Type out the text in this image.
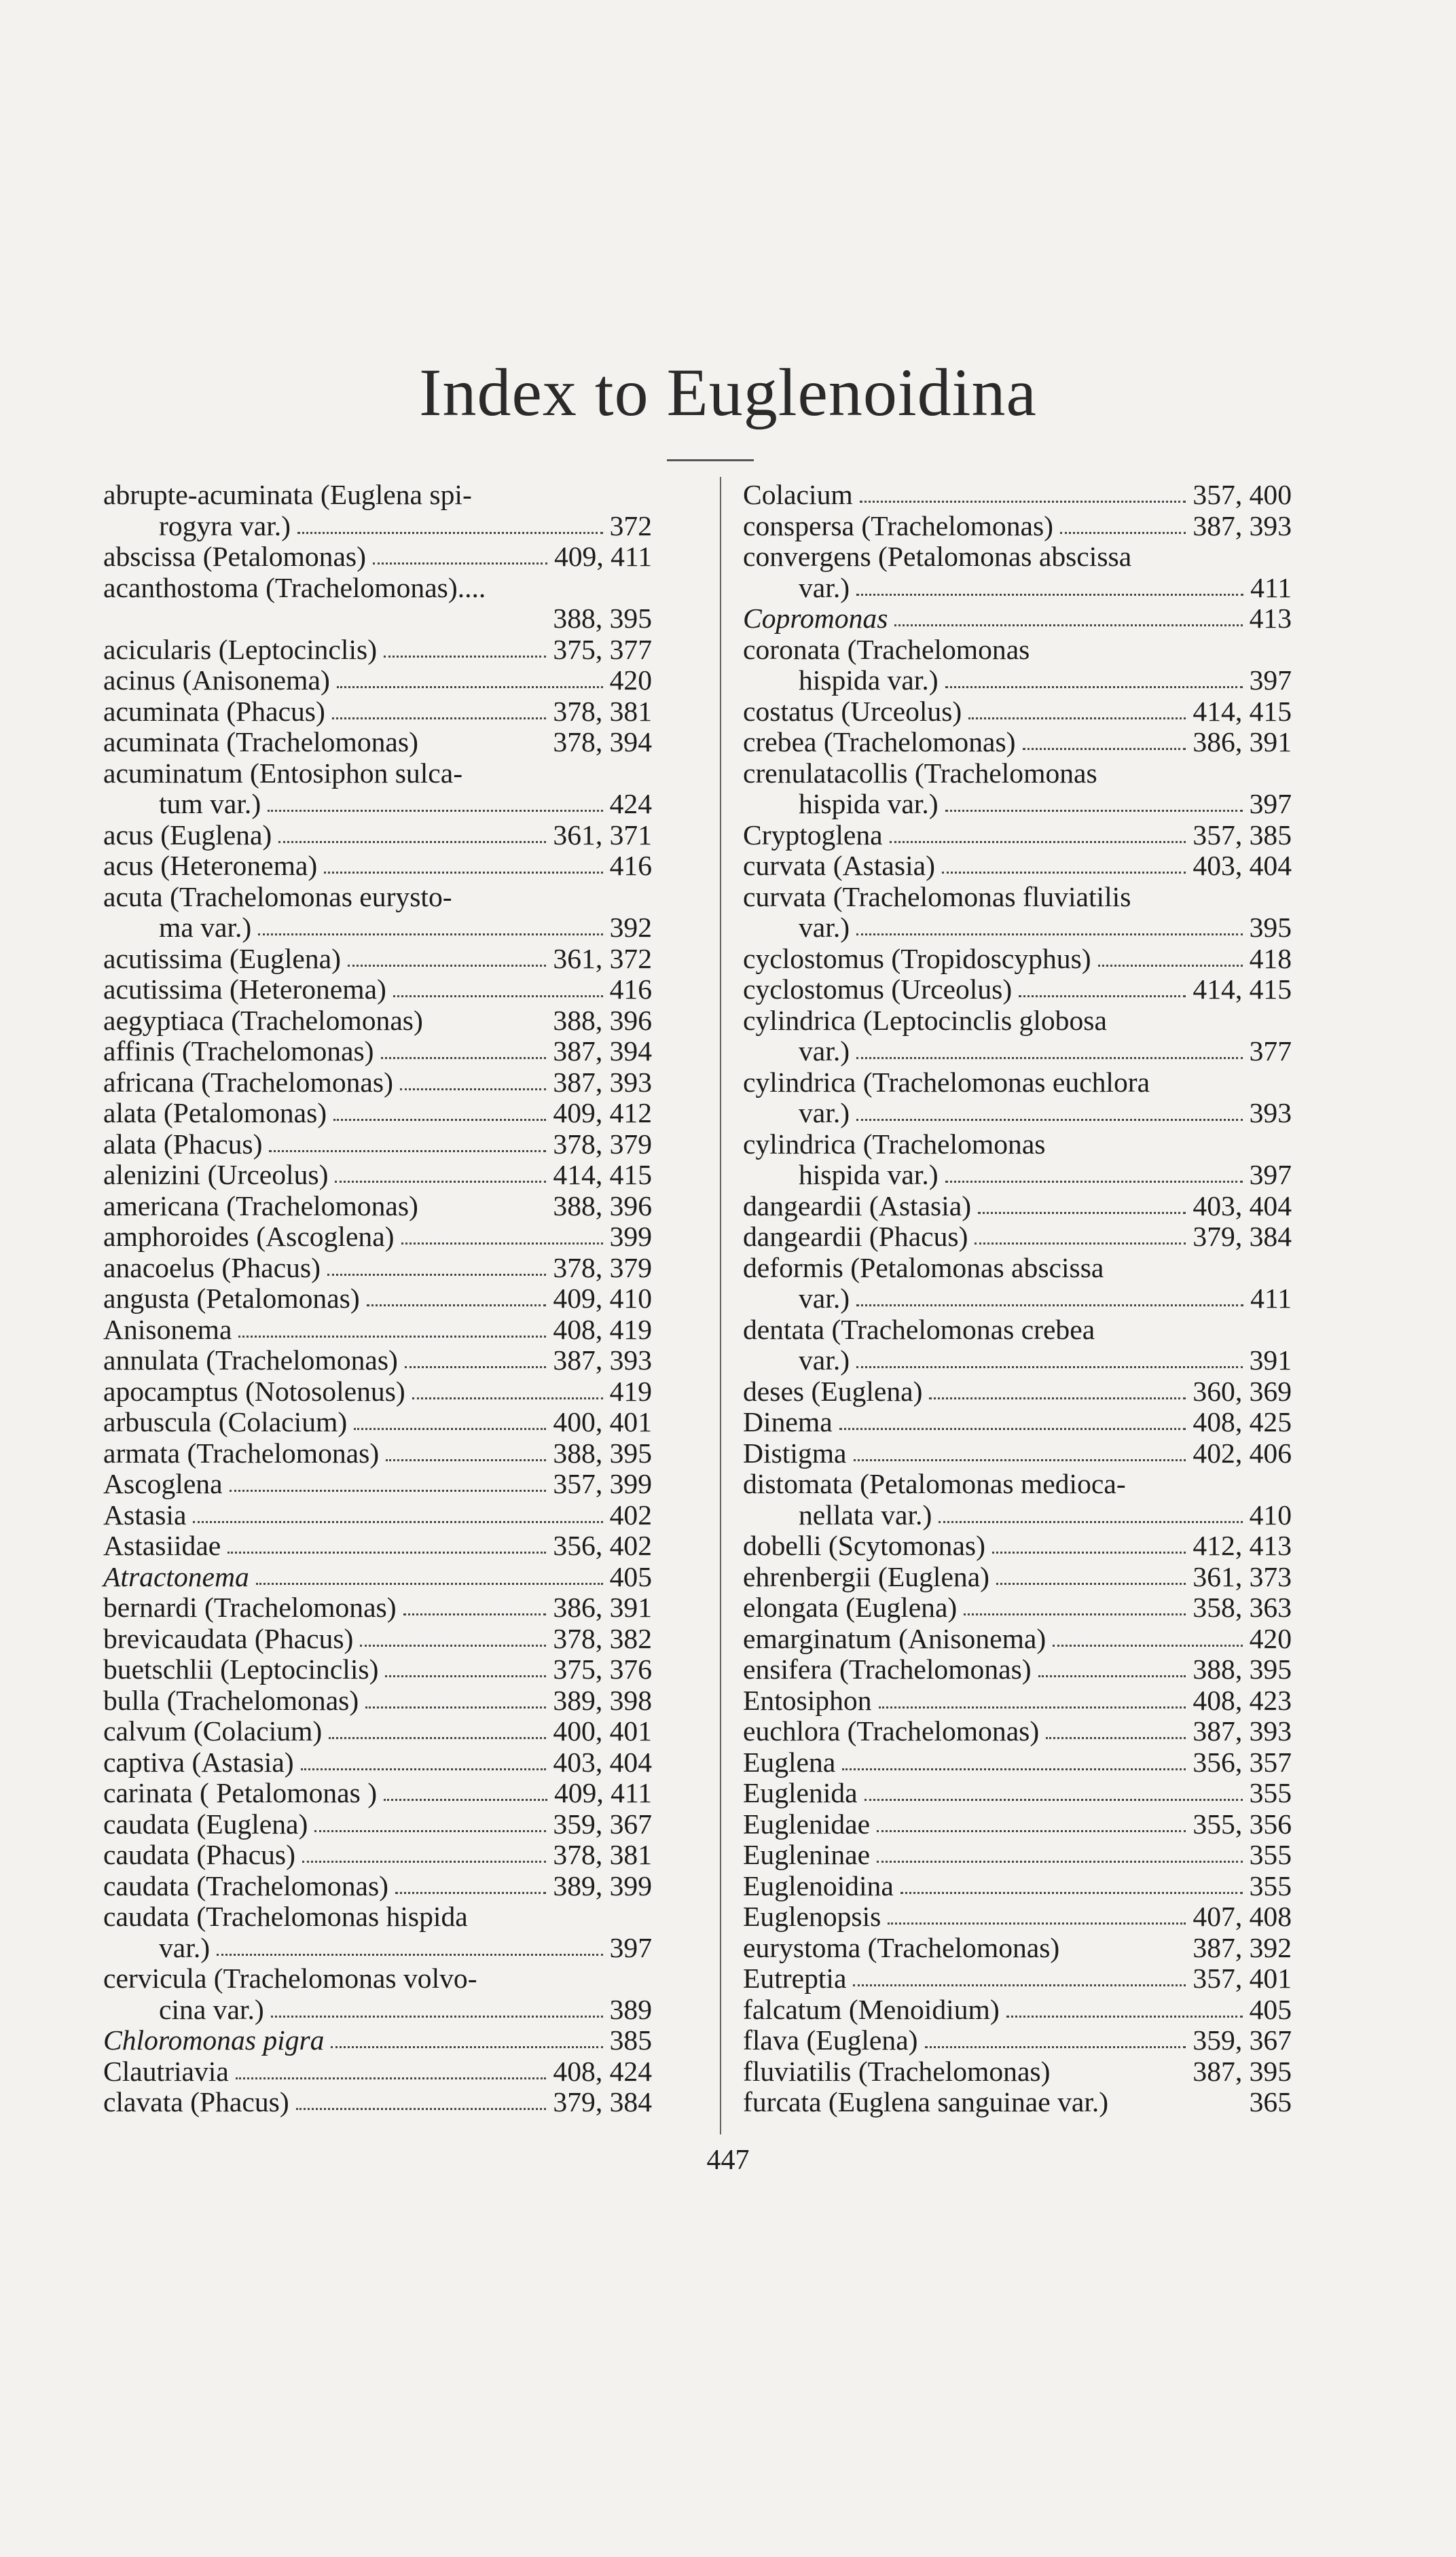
Index to Euglenoidina
abrupte-acuminata (Euglena spi-
rogyra var.)	372
abscissa (Petalomonas)	409, 411
acanthostoma (Trachelomonas)....
388, 395
acicularis (Leptocinclis)	375, 377
acinus (Anisonema)	420
acuminata (Phacus)	378, 381
acuminata (Trachelomonas)	378, 394
acuminatum (Entosiphon sulca-
tum var.)	424
acus (Euglena)	361, 371
acus (Heteronema)	416
acuta (Trachelomonas eurysto-
ma var.)	392
acutissima (Euglena)	361, 372
acutissima (Heteronema)	416
aegyptiaca (Trachelomonas)	388, 396
affinis (Trachelomonas)	387, 394
africana (Trachelomonas)	387, 393
alata (Petalomonas)	409, 412
alata (Phacus)	378, 379
alenizini (Urceolus)	414, 415
americana (Trachelomonas)	388, 396
amphoroides (Ascoglena)	399
anacoelus (Phacus)	378, 379
angusta (Petalomonas)	409, 410
Anisonema	408, 419
annulata (Trachelomonas)	387, 393
apocamptus (Notosolenus)	419
arbuscula (Colacium)	400, 401
armata (Trachelomonas)	388, 395
Ascoglena	357, 399
Astasia	402
Astasiidae	356, 402
Atractonema	405
bernardi (Trachelomonas)	386, 391
brevicaudata (Phacus)	378, 382
buetschlii (Leptocinclis)	375, 376
bulla (Trachelomonas)	389, 398
calvum (Colacium)	400, 401
captiva (Astasia)	403, 404
carinata ( Petalomonas )	409, 411
caudata (Euglena)	359, 367
caudata (Phacus)	378, 381
caudata (Trachelomonas)	389, 399
caudata (Trachelomonas hispida
var.)	397
cervicula (Trachelomonas volvo-
cina var.)	389
Chloromonas pigra	385
Clautriavia	408, 424
clavata (Phacus)	379, 384
Colacium	357, 400
conspersa (Trachelomonas)	387, 393
convergens (Petalomonas abscissa
var.)	411
Copromonas	413
coronata (Trachelomonas
hispida var.)	397
costatus (Urceolus)	414, 415
crebea (Trachelomonas)	386, 391
crenulatacollis (Trachelomonas
hispida var.)	397
Cryptoglena	357, 385
curvata (Astasia)	403, 404
curvata (Trachelomonas fluviatilis
var.)	395
cyclostomus (Tropidoscyphus)	418
cyclostomus (Urceolus)	414, 415
cylindrica (Leptocinclis globosa
var.)	377
cylindrica (Trachelomonas euchlora
var.)	393
cylindrica (Trachelomonas
hispida var.)	397
dangeardii (Astasia)	403, 404
dangeardii (Phacus)	379, 384
deformis (Petalomonas abscissa
var.)	411
dentata (Trachelomonas crebea
var.)	391
deses (Euglena)	360, 369
Dinema	408, 425
Distigma	402, 406
distomata (Petalomonas medioca-
nellata var.)	410
dobelli (Scytomonas)	412, 413
ehrenbergii (Euglena)	361, 373
elongata (Euglena)	358, 363
emarginatum (Anisonema)	420
ensifera (Trachelomonas)	388, 395
Entosiphon	408, 423
euchlora (Trachelomonas)	387, 393
Euglena	356, 357
Euglenida	355
Euglenidae	355, 356
Eugleninae	355
Euglenoidina	355
Euglenopsis	407, 408
eurystoma (Trachelomonas)	387, 392
Eutreptia	357, 401
falcatum (Menoidium)	405
flava (Euglena)	359, 367
fluviatilis (Trachelomonas)	387, 395
furcata (Euglena sanguinae var.)	365
447
